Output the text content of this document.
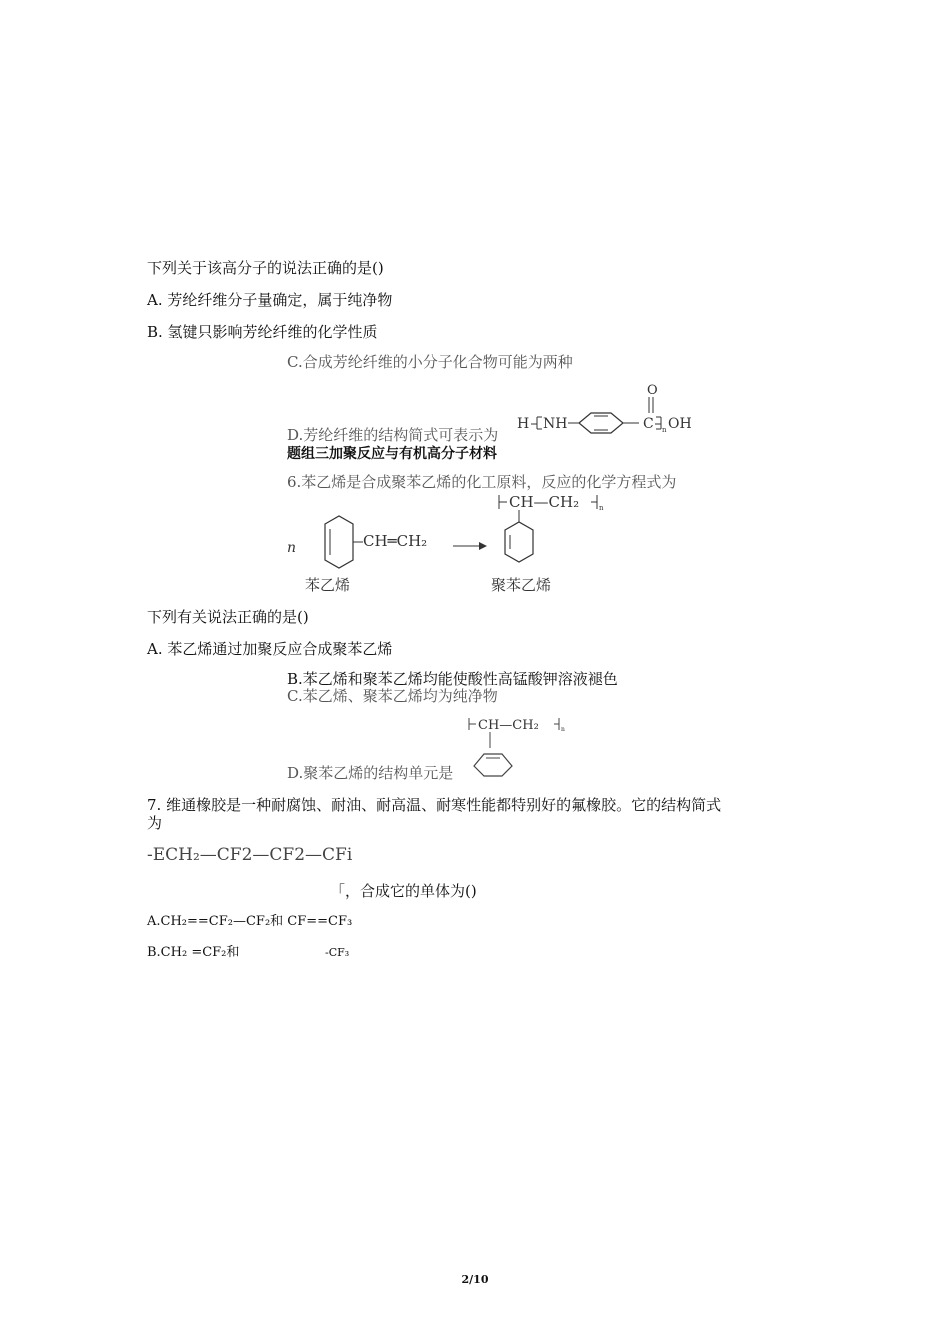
下列关于该高分子的说法正确的是()
A. 芳纶纤维分子量确定，属于纯净物
B. 氢键只影响芳纶纤维的化学性质
C.合成芳纶纤维的小分子化合物可能为两种
D.芳纶纤维的结构简式可表示为
H NH
O
C n OH
题组三加聚反应与有机高分子材料
6.苯乙烯是合成聚苯乙烯的化工原料，反应的化学方程式为
n	CH═CH₂
苯乙烯
CH—CH₂	n
聚苯乙烯
下列有关说法正确的是()
A. 苯乙烯通过加聚反应合成聚苯乙烯
B.苯乙烯和聚苯乙烯均能使酸性高锰酸钾溶液褪色
C.苯乙烯、聚苯乙烯均为纯净物
D.聚苯乙烯的结构单元是
CH—CH₂	n
7. 维通橡胶是一种耐腐蚀、耐油、耐高温、耐寒性能都特别好的氟橡胶。它的结构简式
为
-ECH₂—CF2—CF2—CFi
「，合成它的单体为()
A.CH₂==CF₂—CF₂和 CF==CF₃
B.CH₂ =CF₂和	-CF₃
2/10
